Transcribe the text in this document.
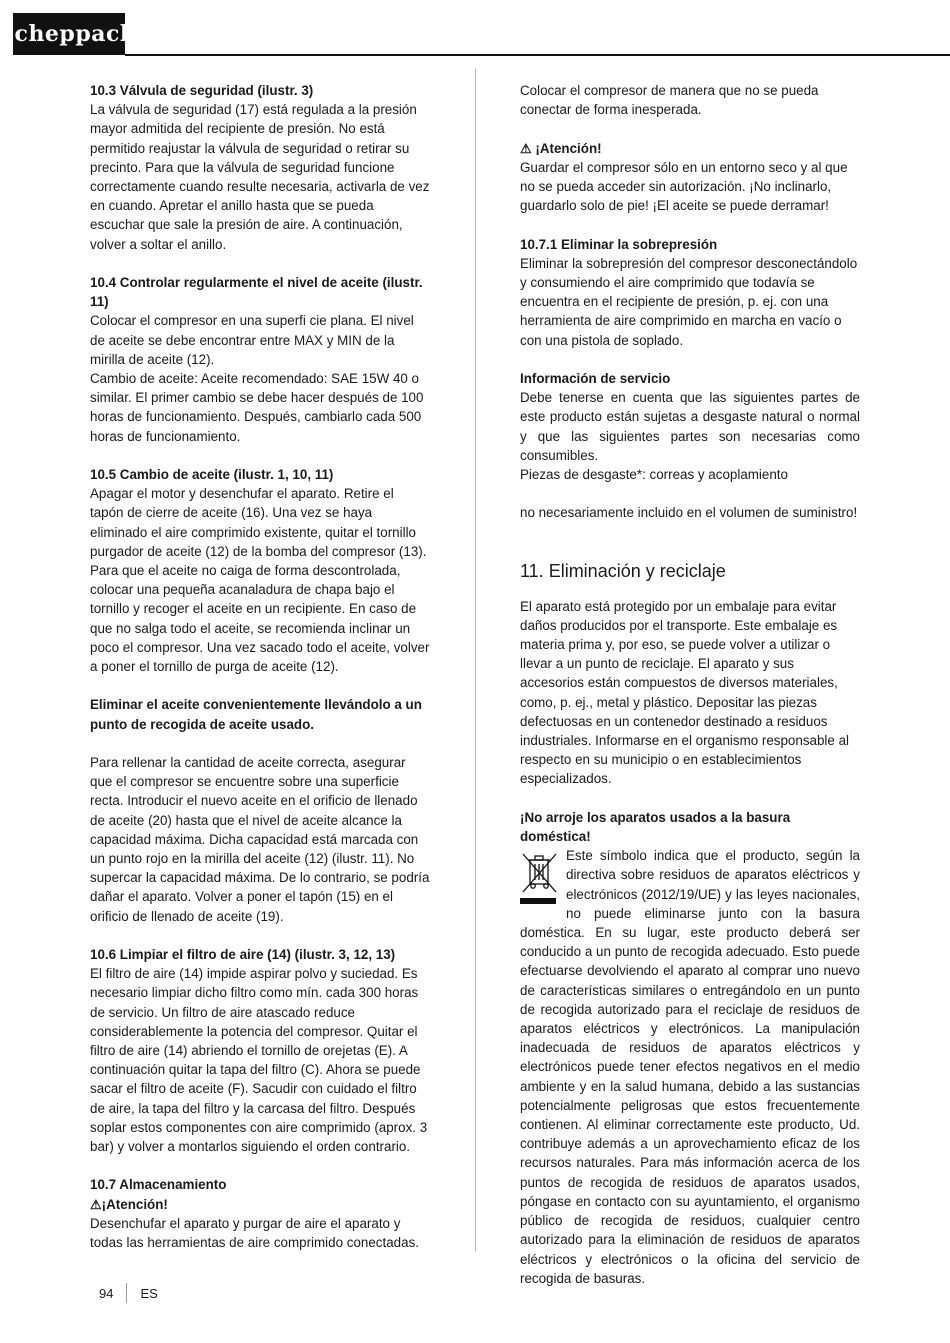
scheppach

10.3 Válvula de seguridad (ilustr. 3)

La válvula de seguridad (17) está regulada a la presión mayor admitida del recipiente de presión. No está permitido reajustar la válvula de seguridad o retirar su precinto. Para que la válvula de seguridad funcione correctamente cuando resulte necesaria, activarla de vez en cuando. Apretar el anillo hasta que se pueda escuchar que sale la presión de aire. A continuación, volver a soltar el anillo.

10.4 Controlar regularmente el nivel de aceite (ilustr. 11)

Colocar el compresor en una superfi cie plana. El nivel de aceite se debe encontrar entre MAX y MIN de la mirilla de aceite (12).

Cambio de aceite: Aceite recomendado: SAE 15W 40 o similar. El primer cambio se debe hacer después de 100 horas de funcionamiento. Después, cambiarlo cada 500 horas de funcionamiento.

10.5 Cambio de aceite (ilustr. 1, 10, 11)

Apagar el motor y desenchufar el aparato. Retire el tapón de cierre de aceite (16). Una vez se haya eliminado el aire comprimido existente, quitar el tornillo purgador de aceite (12) de la bomba del compresor (13). Para que el aceite no caiga de forma descontrolada, colocar una pequeña acanaladura de chapa bajo el tornillo y recoger el aceite en un recipiente. En caso de que no salga todo el aceite, se recomienda inclinar un poco el compresor. Una vez sacado todo el aceite, volver a poner el tornillo de purga de aceite (12).

Eliminar el aceite convenientemente llevándolo a un punto de recogida de aceite usado.

Para rellenar la cantidad de aceite correcta, asegurar que el compresor se encuentre sobre una superficie recta. Introducir el nuevo aceite en el orificio de llenado de aceite (20) hasta que el nivel de aceite alcance la capacidad máxima. Dicha capacidad está marcada con un punto rojo en la mirilla del aceite (12) (ilustr. 11). No supercar la capacidad máxima. De lo contrario, se podría dañar el aparato. Volver a poner el tapón (15) en el orificio de llenado de aceite (19).

10.6 Limpiar el filtro de aire (14) (ilustr. 3, 12, 13)

El filtro de aire (14) impide aspirar polvo y suciedad. Es necesario limpiar dicho filtro como mín. cada 300 horas de servicio. Un filtro de aire atascado reduce considerablemente la potencia del compresor. Quitar el filtro de aire (14) abriendo el tornillo de orejetas (E). A continuación quitar la tapa del filtro (C). Ahora se puede sacar el filtro de aceite (F). Sacudir con cuidado el filtro de aire, la tapa del filtro y la carcasa del filtro. Después soplar estos componentes con aire comprimido (aprox. 3 bar) y volver a montarlos siguiendo el orden contrario.

10.7 Almacenamiento

⚠¡Atención!

Desenchufar el aparato y purgar de aire el aparato y todas las herramientas de aire comprimido conectadas.

Colocar el compresor de manera que no se pueda conectar de forma inesperada.

⚠ ¡Atención!

Guardar el compresor sólo en un entorno seco y al que no se pueda acceder sin autorización. ¡No inclinarlo, guardarlo solo de pie! ¡El aceite se puede derramar!

10.7.1 Eliminar la sobrepresión

Eliminar la sobrepresión del compresor desconectándolo y consumiendo el aire comprimido que todavía se encuentra en el recipiente de presión, p. ej. con una herramienta de aire comprimido en marcha en vacío o con una pistola de soplado.

Información de servicio

Debe tenerse en cuenta que las siguientes partes de este producto están sujetas a desgaste natural o normal y que las siguientes partes son necesarias como consumibles.

Piezas de desgaste*: correas y acoplamiento

no necesariamente incluido en el volumen de suministro!

11. Eliminación y reciclaje

El aparato está protegido por un embalaje para evitar daños producidos por el transporte. Este embalaje es materia prima y, por eso, se puede volver a utilizar o llevar a un punto de reciclaje. El aparato y sus accesorios están compuestos de diversos materiales, como, p. ej., metal y plástico. Depositar las piezas defectuosas en un contenedor destinado a residuos industriales. Informarse en el organismo responsable al respecto en su municipio o en establecimientos especializados.

¡No arroje los aparatos usados a la basura doméstica!

Este símbolo indica que el producto, según la directiva sobre residuos de aparatos eléctricos y electrónicos (2012/19/UE) y las leyes nacionales, no puede eliminarse junto con la basura doméstica. En su lugar, este producto deberá ser conducido a un punto de recogida adecuado. Esto puede efectuarse devolviendo el aparato al comprar uno nuevo de características similares o entregándolo en un punto de recogida autorizado para el reciclaje de residuos de aparatos eléctricos y electrónicos. La manipulación inadecuada de residuos de aparatos eléctricos y electrónicos puede tener efectos negativos en el medio ambiente y en la salud humana, debido a las sustancias potencialmente peligrosas que estos frecuentemente contienen. Al eliminar correctamente este producto, Ud. contribuye además a un aprovechamiento eficaz de los recursos naturales. Para más información acerca de los puntos de recogida de residuos de aparatos usados, póngase en contacto con su ayuntamiento, el organismo público de recogida de residuos, cualquier centro autorizado para la eliminación de residuos de aparatos eléctricos y electrónicos o la oficina del servicio de recogida de basuras.

94 ES
